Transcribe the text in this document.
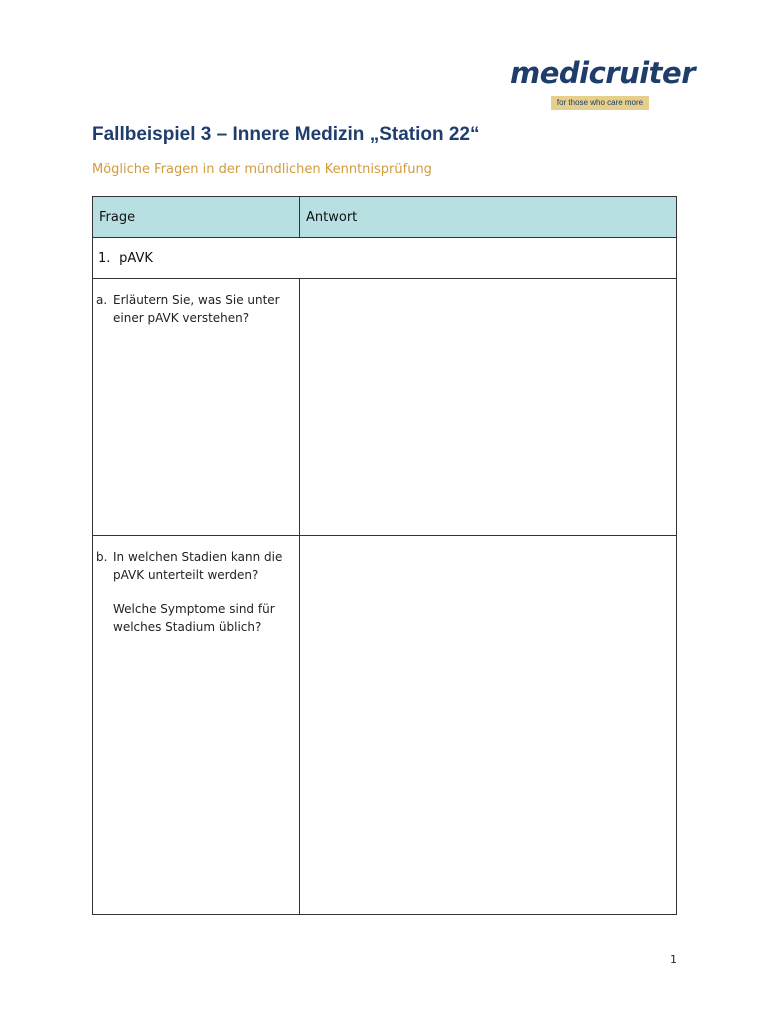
medicruiter
for those who care more
Fallbeispiel 3 – Innere Medizin „Station 22“

Mögliche Fragen in der mündlichen Kenntnisprüfung

Frage	Antwort
1. pAVK	

a. Erläutern Sie, was Sie unter einer pAVK verstehen?	

b. In welchen Stadien kann die pAVK unterteilt werden?

Welche Symptome sind für welches Stadium üblich?	

1
